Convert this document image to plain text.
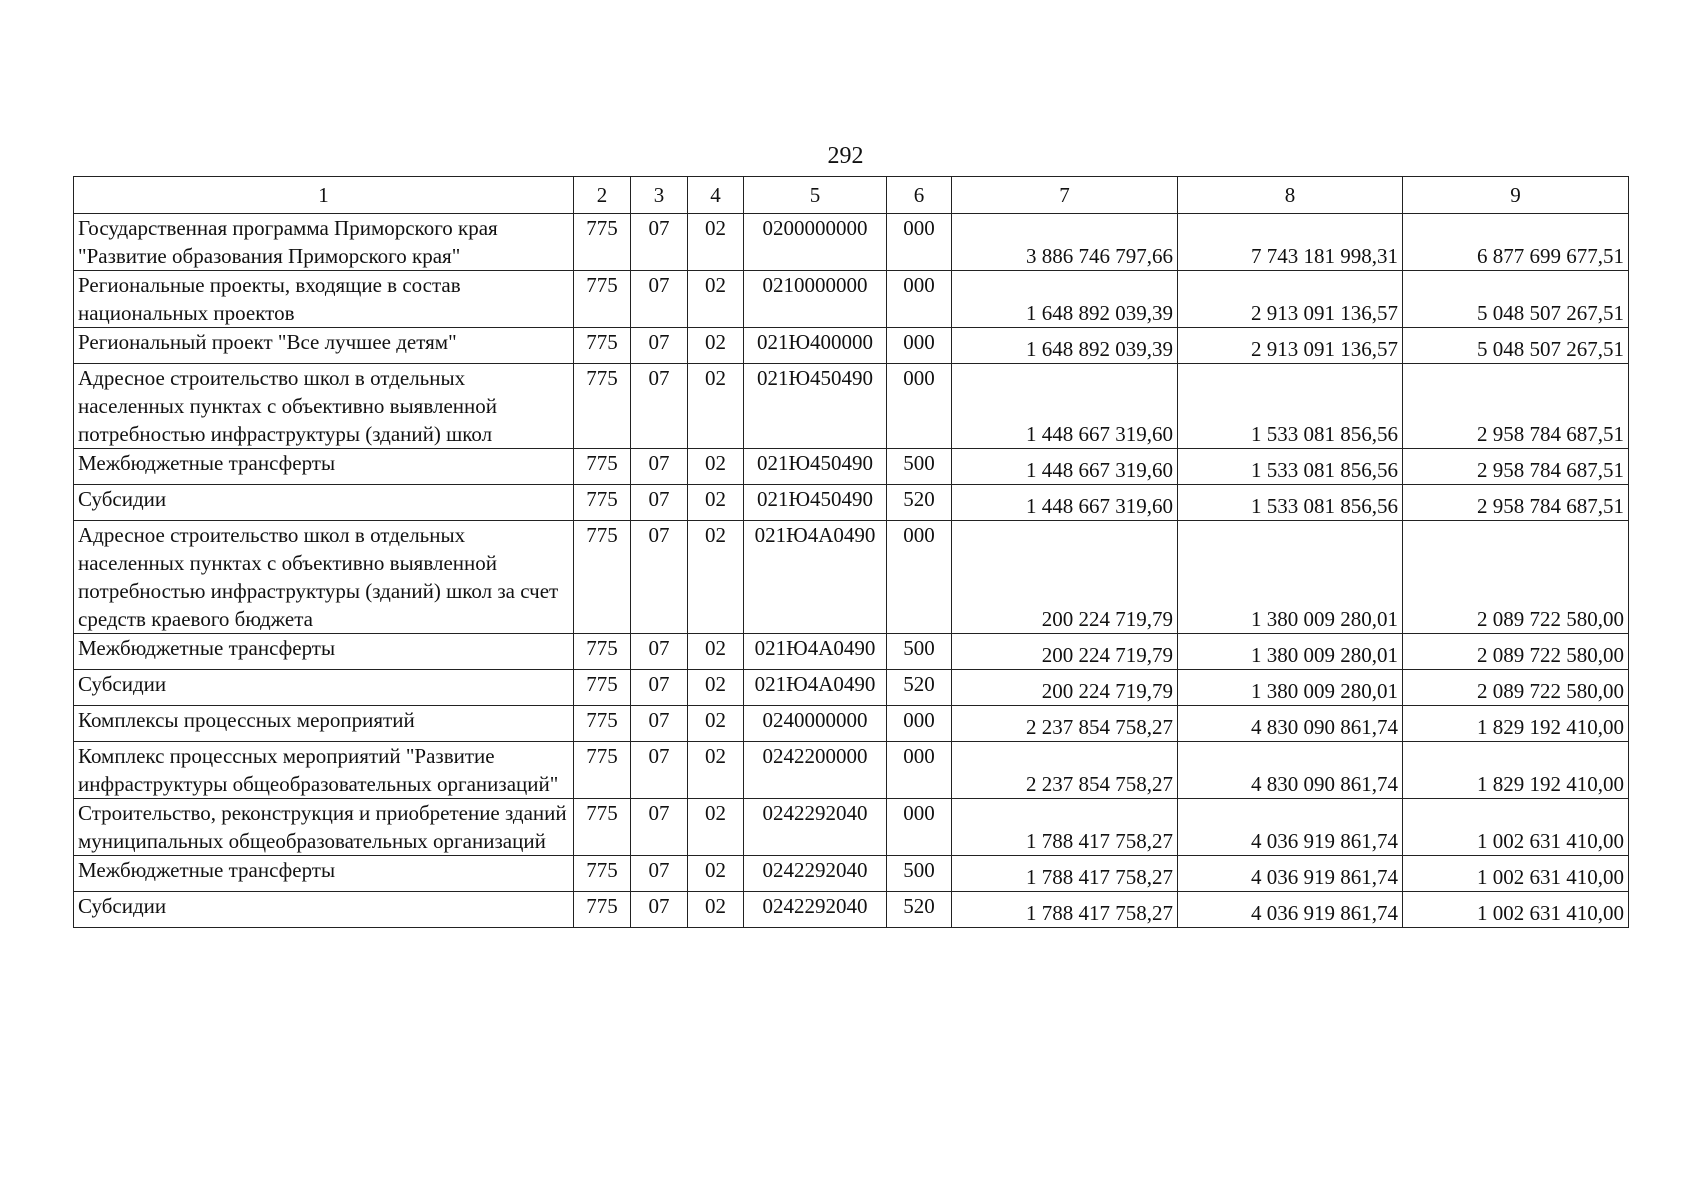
292
1	2	3	4	5	6	7	8	9
Государственная программа Приморского края "Развитие образования Приморского края"	775	07	02	0200000000	000	3 886 746 797,66	7 743 181 998,31	6 877 699 677,51
Региональные проекты, входящие в состав национальных проектов	775	07	02	0210000000	000	1 648 892 039,39	2 913 091 136,57	5 048 507 267,51
Региональный проект "Все лучшее детям"	775	07	02	021Ю400000	000	1 648 892 039,39	2 913 091 136,57	5 048 507 267,51
Адресное строительство школ в отдельных населенных пунктах с объективно выявленной потребностью инфраструктуры (зданий) школ	775	07	02	021Ю450490	000	1 448 667 319,60	1 533 081 856,56	2 958 784 687,51
Межбюджетные трансферты	775	07	02	021Ю450490	500	1 448 667 319,60	1 533 081 856,56	2 958 784 687,51
Субсидии	775	07	02	021Ю450490	520	1 448 667 319,60	1 533 081 856,56	2 958 784 687,51
Адресное строительство школ в отдельных населенных пунктах с объективно выявленной потребностью инфраструктуры (зданий) школ за счет средств краевого бюджета	775	07	02	021Ю4А0490	000	200 224 719,79	1 380 009 280,01	2 089 722 580,00
Межбюджетные трансферты	775	07	02	021Ю4А0490	500	200 224 719,79	1 380 009 280,01	2 089 722 580,00
Субсидии	775	07	02	021Ю4А0490	520	200 224 719,79	1 380 009 280,01	2 089 722 580,00
Комплексы процессных мероприятий	775	07	02	0240000000	000	2 237 854 758,27	4 830 090 861,74	1 829 192 410,00
Комплекс процессных мероприятий "Развитие инфраструктуры общеобразовательных организаций"	775	07	02	0242200000	000	2 237 854 758,27	4 830 090 861,74	1 829 192 410,00
Строительство, реконструкция и приобретение зданий муниципальных общеобразовательных организаций	775	07	02	0242292040	000	1 788 417 758,27	4 036 919 861,74	1 002 631 410,00
Межбюджетные трансферты	775	07	02	0242292040	500	1 788 417 758,27	4 036 919 861,74	1 002 631 410,00
Субсидии	775	07	02	0242292040	520	1 788 417 758,27	4 036 919 861,74	1 002 631 410,00
